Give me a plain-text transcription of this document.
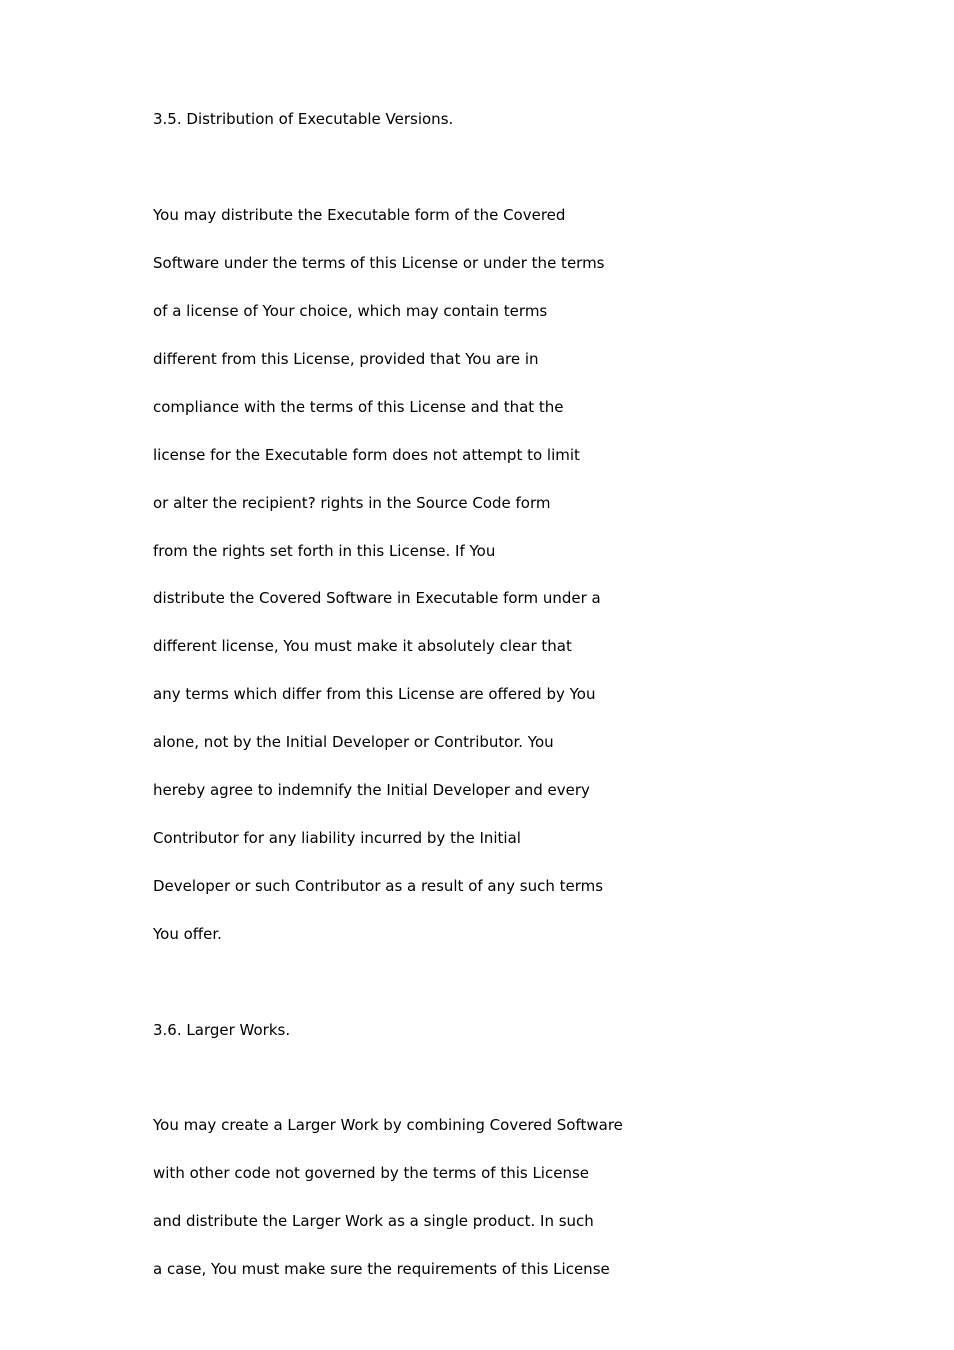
3.5. Distribution of Executable Versions.
You may distribute the Executable form of the Covered
Software under the terms of this License or under the terms
of a license of Your choice, which may contain terms
different from this License, provided that You are in
compliance with the terms of this License and that the
license for the Executable form does not attempt to limit
or alter the recipient? rights in the Source Code form
from the rights set forth in this License. If You
distribute the Covered Software in Executable form under a
different license, You must make it absolutely clear that
any terms which differ from this License are offered by You
alone, not by the Initial Developer or Contributor. You
hereby agree to indemnify the Initial Developer and every
Contributor for any liability incurred by the Initial
Developer or such Contributor as a result of any such terms
You offer.
3.6. Larger Works.
You may create a Larger Work by combining Covered Software
with other code not governed by the terms of this License
and distribute the Larger Work as a single product. In such
a case, You must make sure the requirements of this License
